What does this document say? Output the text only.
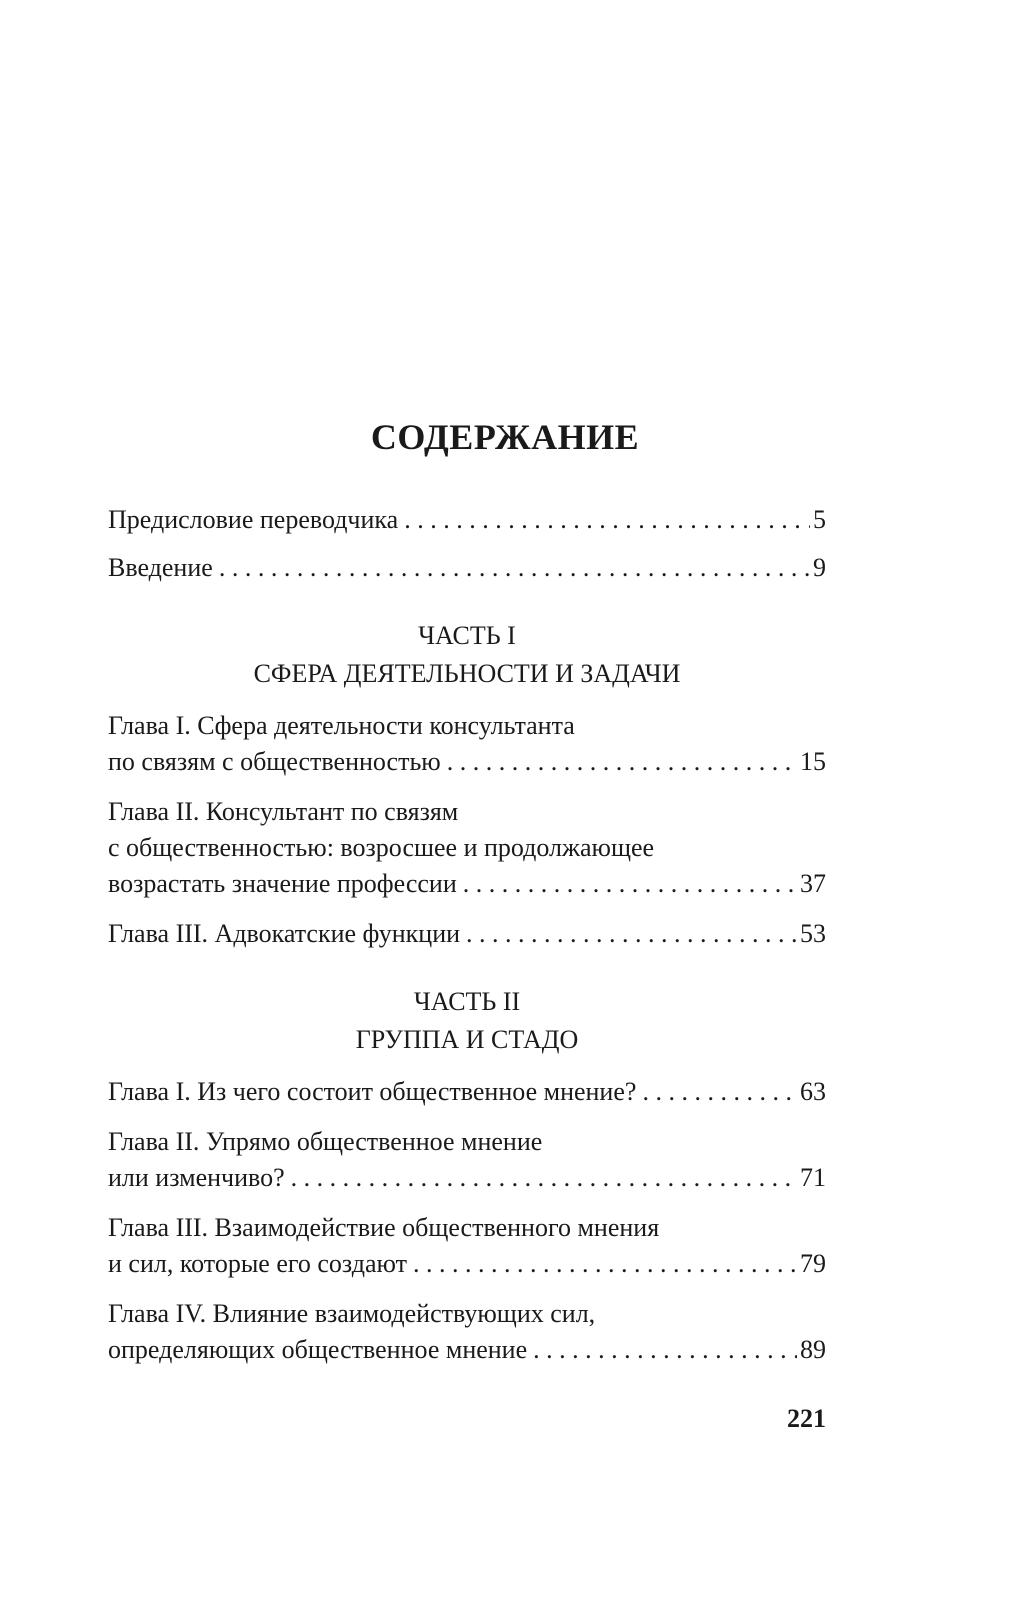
СОДЕРЖАНИЕ
Предисловие переводчика . . .	5
Введение . . .	9
ЧАСТЬ I
СФЕРА ДЕЯТЕЛЬНОСТИ И ЗАДАЧИ
Глава I. Сфера деятельности консультанта
по связям с общественностью . . .	15
Глава II. Консультант по связям
с общественностью: возросшее и продолжающее
возрастать значение профессии . . .	37
Глава III. Адвокатские функции . . .	53
ЧАСТЬ II
ГРУППА И СТАДО
Глава I. Из чего состоит общественное мнение? . . .	63
Глава II. Упрямо общественное мнение
или изменчиво? . . .	71
Глава III. Взаимодействие общественного мнения
и сил, которые его создают . . .	79
Глава IV. Влияние взаимодействующих сил,
определяющих общественное мнение . . .	89
221
